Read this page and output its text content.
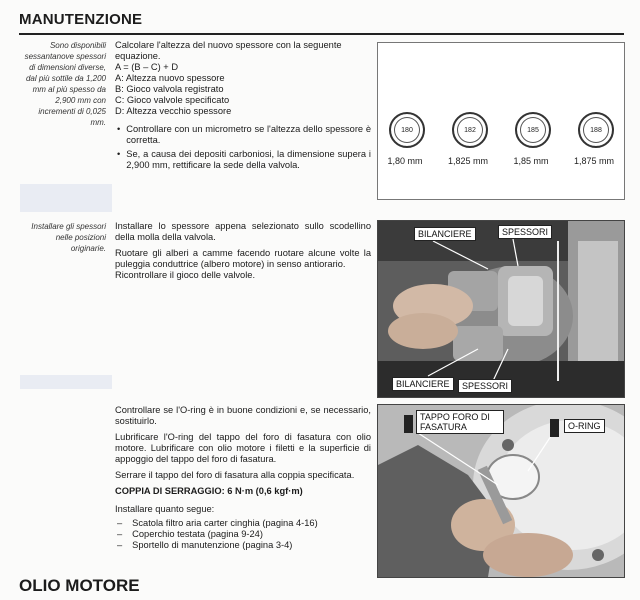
MANUTENZIONE
Sono disponibili sessantanove spessori di dimensioni diverse, dal più sottile da 1,200 mm al più spesso da 2,900 mm con incrementi di 0,025 mm.
Calcolare l'altezza del nuovo spessore con la seguente equazione.
A = (B – C) + D
A: Altezza nuovo spessore
B: Gioco valvola registrato
C: Gioco valvole specificato
D: Altezza vecchio spessore
• Controllare con un micrometro se l'altezza dello spessore è corretta.
• Se, a causa dei depositi carboniosi, la dimensione supera i 2,900 mm, rettificare la sede della valvola.
180	182	185	188
1,80 mm	1,825 mm	1,85 mm	1,875 mm
Installare gli spessori nelle posizioni originarie.

Installare lo spessore appena selezionato sullo scodellino della molla della valvola.

Ruotare gli alberi a camme facendo ruotare alcune volte la puleggia conduttrice (albero motore) in senso antiorario.

Ricontrollare il gioco delle valvole.

BILANCIERE	SPESSORI
BILANCIERE	SPESSORI

Controllare se l'O-ring è in buone condizioni e, se necessario, sostituirlo.

Lubrificare l'O-ring del tappo del foro di fasatura con olio motore. Lubrificare con olio motore i filetti e la superficie di appoggio del tappo del foro di fasatura.

Serrare il tappo del foro di fasatura alla coppia specificata.

COPPIA DI SERRAGGIO: 6 N·m (0,6 kgf·m)

Installare quanto segue:

– Scatola filtro aria carter cinghia (pagina 4-16)
– Coperchio testata (pagina 9-24)
– Sportello di manutenzione (pagina 3-4)
TAPPO FORO DI FASATURA	O-RING
OLIO MOTORE
